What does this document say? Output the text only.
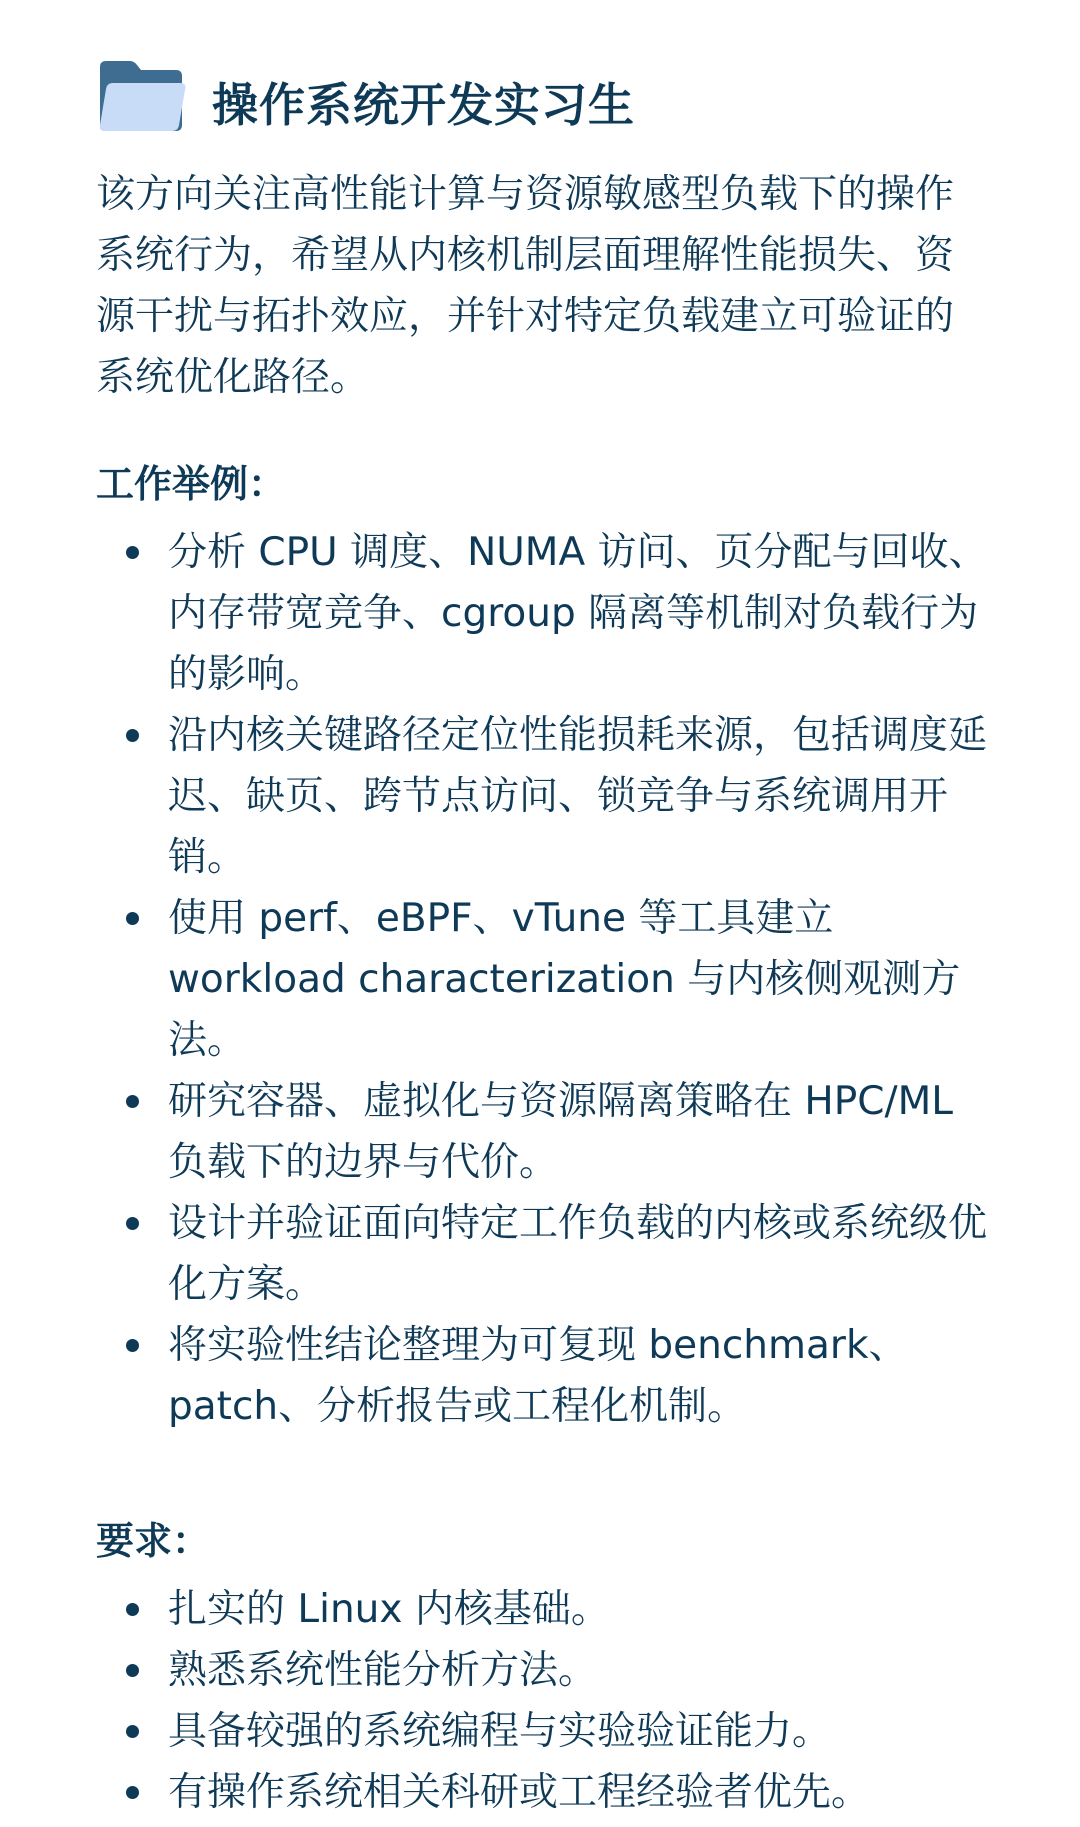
操作系统开发实习生

该方向关注高性能计算与资源敏感型负载下的操作系统行为，希望从内核机制层面理解性能损失、资源干扰与拓扑效应，并针对特定负载建立可验证的系统优化路径。

工作举例：
分析 CPU 调度、NUMA 访问、页分配与回收、内存带宽竞争、cgroup 隔离等机制对负载行为的影响。
沿内核关键路径定位性能损耗来源，包括调度延迟、缺页、跨节点访问、锁竞争与系统调用开销。
使用 perf、eBPF、vTune 等工具建立 workload characterization 与内核侧观测方法。
研究容器、虚拟化与资源隔离策略在 HPC/ML 负载下的边界与代价。
设计并验证面向特定工作负载的内核或系统级优化方案。
将实验性结论整理为可复现 benchmark、patch、分析报告或工程化机制。
要求：
扎实的 Linux 内核基础。
熟悉系统性能分析方法。
具备较强的系统编程与实验验证能力。
有操作系统相关科研或工程经验者优先。
